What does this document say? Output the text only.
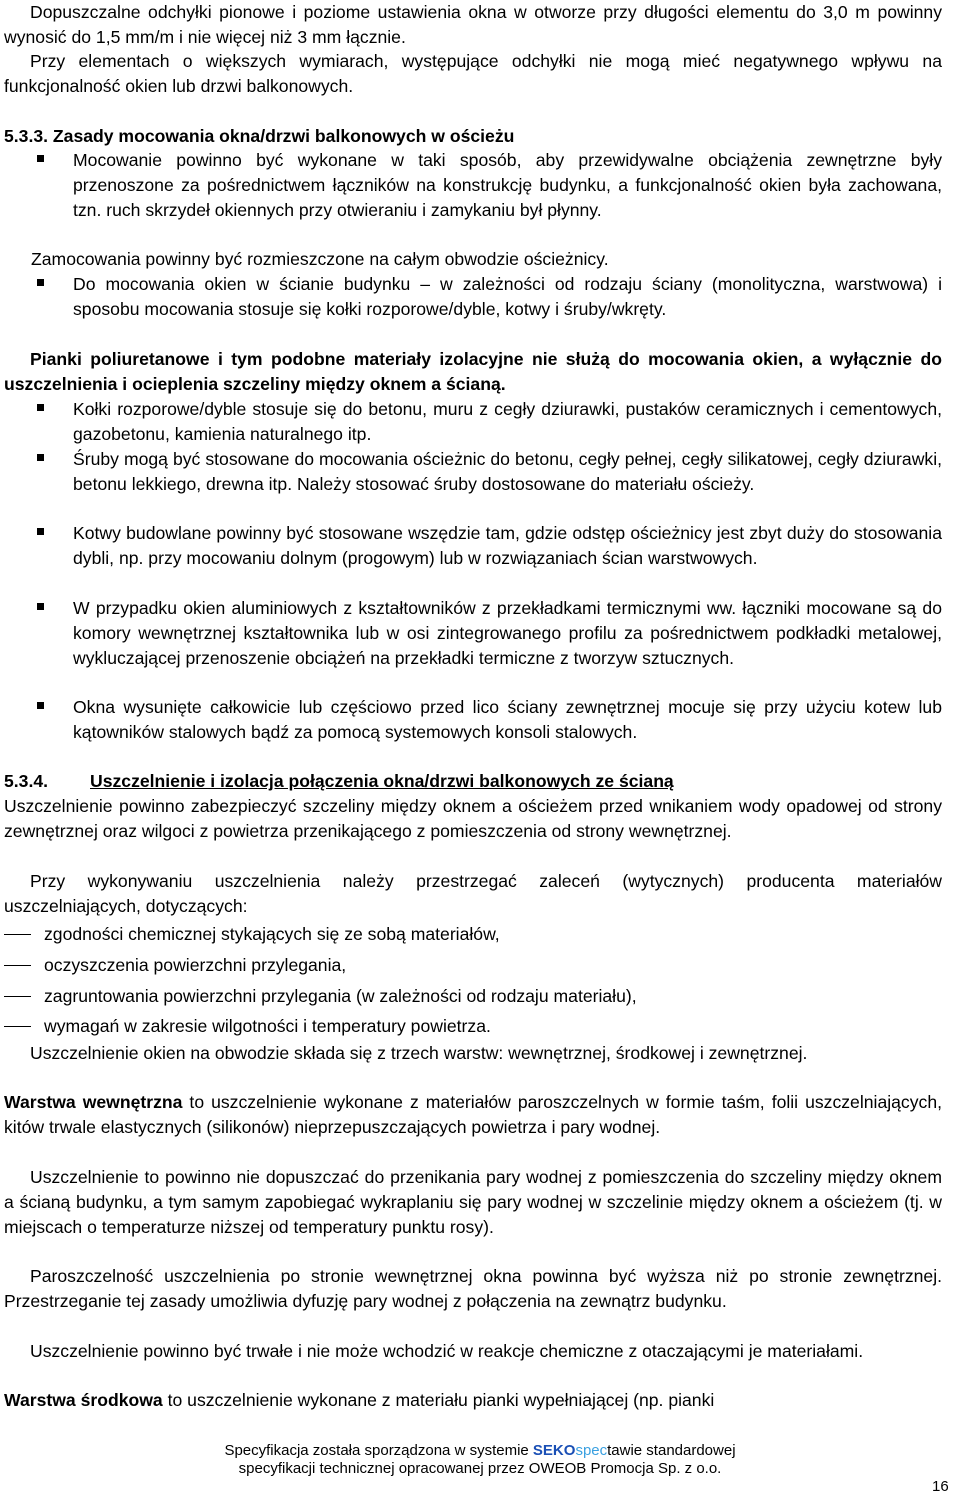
Dopuszczalne odchyłki pionowe i poziome ustawienia okna w otworze przy długości elementu do 3,0 m powinny wynosić do 1,5 mm/m i nie więcej niż 3 mm łącznie.

Przy elementach o większych wymiarach, występujące odchyłki nie mogą mieć negatywnego wpływu na funkcjonalność okien lub drzwi balkonowych.

5.3.3. Zasady mocowania okna/drzwi balkonowych w ościeżu

Mocowanie powinno być wykonane w taki sposób, aby przewidywalne obciążenia zewnętrzne były przenoszone za pośrednictwem łączników na konstrukcję budynku, a funkcjonalność okien była zachowana, tzn. ruch skrzydeł okiennych przy otwieraniu i zamykaniu był płynny.

Zamocowania powinny być rozmieszczone na całym obwodzie ościeżnicy.

Do mocowania okien w ścianie budynku – w zależności od rodzaju ściany (monolityczna, warstwowa) i sposobu mocowania stosuje się kołki rozporowe/dyble, kotwy i śruby/wkręty.

Pianki poliuretanowe i tym podobne materiały izolacyjne nie służą do mocowania okien, a wyłącznie do uszczelnienia i ocieplenia szczeliny między oknem a ścianą.

Kołki rozporowe/dyble stosuje się do betonu, muru z cegły dziurawki, pustaków ceramicznych i cementowych, gazobetonu, kamienia naturalnego itp.

Śruby mogą być stosowane do mocowania ościeżnic do betonu, cegły pełnej, cegły silikatowej, cegły dziurawki, betonu lekkiego, drewna itp. Należy stosować śruby dostosowane do materiału ościeży.

Kotwy budowlane powinny być stosowane wszędzie tam, gdzie odstęp ościeżnicy jest zbyt duży do stosowania dybli, np. przy mocowaniu dolnym (progowym) lub w rozwiązaniach ścian warstwowych.

W przypadku okien aluminiowych z kształtowników z przekładkami termicznymi ww. łączniki mocowane są do komory wewnętrznej kształtownika lub w osi zintegrowanego profilu za pośrednictwem podkładki metalowej, wykluczającej przenoszenie obciążeń na przekładki termiczne z tworzyw sztucznych.

Okna wysunięte całkowicie lub częściowo przed lico ściany zewnętrznej mocuje się przy użyciu kotew lub kątowników stalowych bądź za pomocą systemowych konsoli stalowych.

5.3.4. Uszczelnienie i izolacja połączenia okna/drzwi balkonowych ze ścianą

Uszczelnienie powinno zabezpieczyć szczeliny między oknem a ościeżem przed wnikaniem wody opadowej od strony zewnętrznej oraz wilgoci z powietrza przenikającego z pomieszczenia od strony wewnętrznej.

Przy wykonywaniu uszczelnienia należy przestrzegać zaleceń (wytycznych) producenta materiałów uszczelniających, dotyczących:

zgodności chemicznej stykających się ze sobą materiałów,

oczyszczenia powierzchni przylegania,

zagruntowania powierzchni przylegania (w zależności od rodzaju materiału),

wymagań w zakresie wilgotności i temperatury powietrza.

Uszczelnienie okien na obwodzie składa się z trzech warstw: wewnętrznej, środkowej i zewnętrznej.

Warstwa wewnętrzna to uszczelnienie wykonane z materiałów paroszczelnych w formie taśm, folii uszczelniających, kitów trwale elastycznych (silikonów) nieprzepuszczających powietrza i pary wodnej.

Uszczelnienie to powinno nie dopuszczać do przenikania pary wodnej z pomieszczenia do szczeliny między oknem a ścianą budynku, a tym samym zapobiegać wykraplaniu się pary wodnej w szczelinie między oknem a ościeżem (tj. w miejscach o temperaturze niższej od temperatury punktu rosy).

Paroszczelność uszczelnienia po stronie wewnętrznej okna powinna być wyższa niż po stronie zewnętrznej. Przestrzeganie tej zasady umożliwia dyfuzję pary wodnej z połączenia na zewnątrz budynku.

Uszczelnienie powinno być trwałe i nie może wchodzić w reakcje chemiczne z otaczającymi je materiałami.

Warstwa środkowa to uszczelnienie wykonane z materiału pianki wypełniającej (np. pianki

Specyfikacja została sporządzona w systemie SEKOspectawie standardowej
specyfikacji technicznej opracowanej przez OWEOB Promocja Sp. z o.o.
16
